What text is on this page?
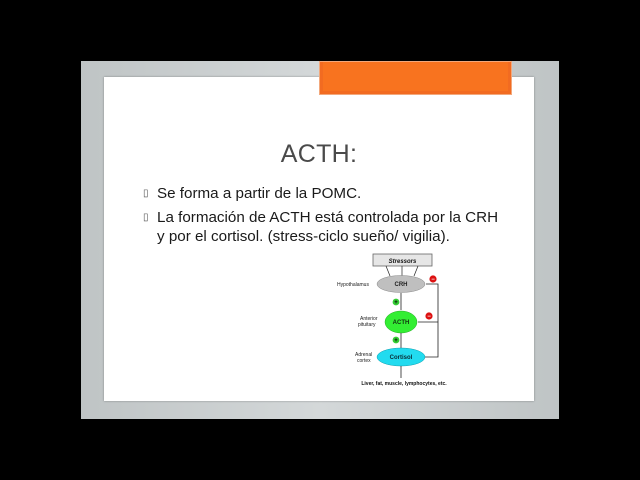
ACTH:
▯ Se forma a partir de la POMC.
▯ La formación de ACTH está controlada por la CRH y por el cortisol. (stress-ciclo sueño/ vigilia).
Stressors
Hypothalamus	CRH
+
Anterior
pituitary	ACTH
+
Adrenal
cortex	Cortisol
Liver, fat, muscle, lymphocytes, etc.
−
−
